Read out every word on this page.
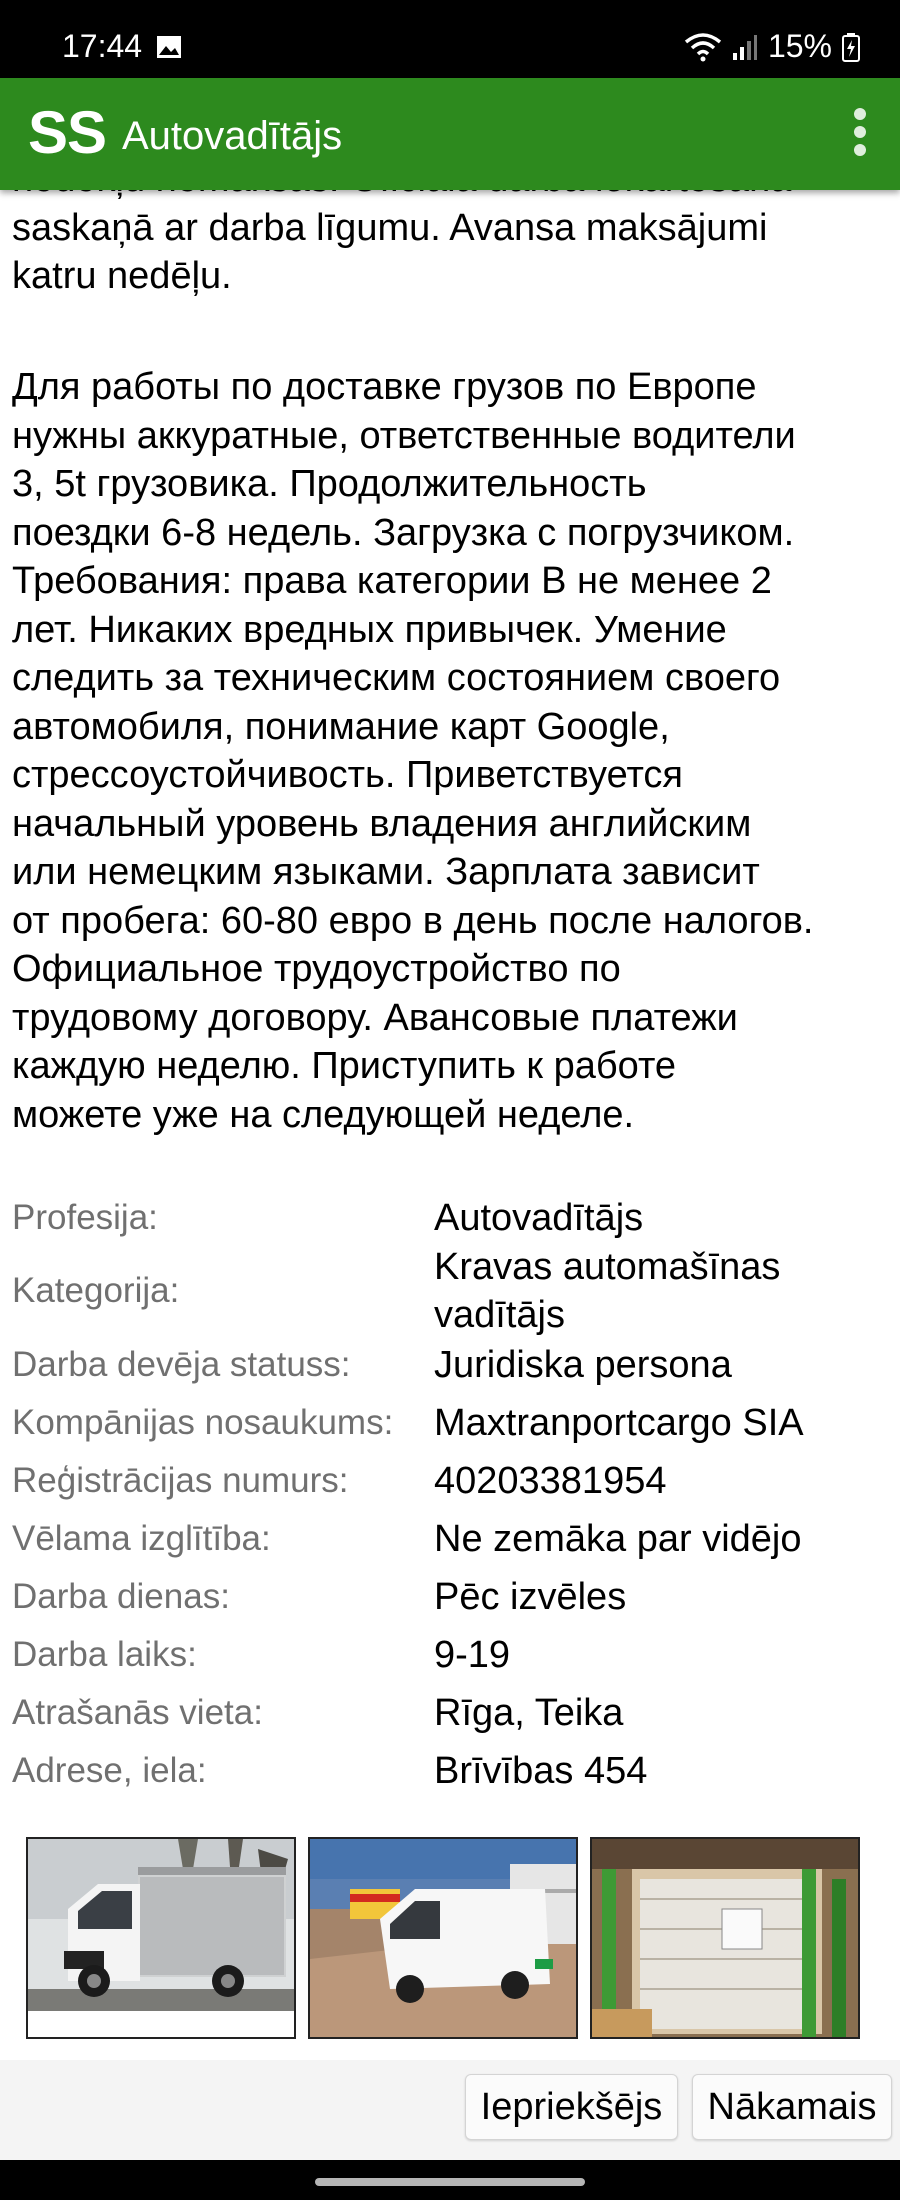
17:44	15%
SS Autovadītājs
saskaņā ar darba līgumu. Avansa maksājumi
katru nedēļu.
Для работы по доставке грузов по Европе
нужны аккуратные, ответственные водители
3, 5t грузовика. Продолжительность
поездки 6-8 недель. Загрузка с погрузчиком.
Требования: права категории B не менее 2
лет. Никаких вредных привычек. Умение
следить за техническим состоянием своего
автомобиля, понимание карт Google,
стрессоустойчивость. Приветствуется
начальный уровень владения английским
или немецким языками. Зарплата зависит
от пробега: 60-80 евро в день после налогов.
Официальное трудоустройство по
трудовому договору. Авансовые платежи
каждую неделю. Приступить к работе
можете уже на следующей неделе.
Profesija:	Autovadītājs
Kategorija:
Kravas automašīnas vadītājs
Darba devēja statuss:	Juridiska persona
Kompānijas nosaukums:	Maxtranportcargo SIA
Reģistrācijas numurs:	40203381954
Vēlama izglītība:	Ne zemāka par vidējo
Darba dienas:	Pēc izvēles
Darba laiks:	9-19
Atrašanās vieta:	Rīga, Teika
Adrese, iela:	Brīvības 454
Iepriekšējs	Nākamais
